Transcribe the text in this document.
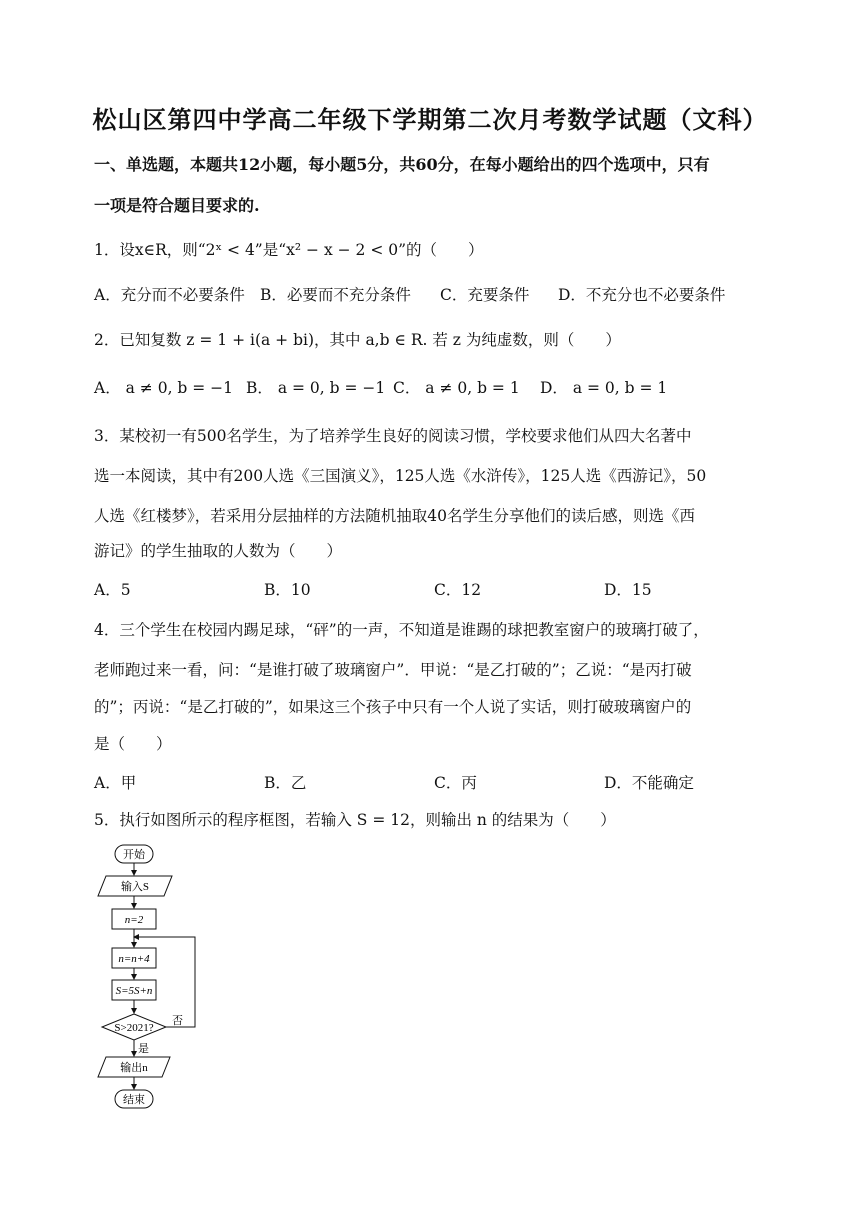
松山区第四中学高二年级下学期第二次月考数学试题（文科）
一、单选题，本题共12小题，每小题5分，共60分，在每小题给出的四个选项中，只有
一项是符合题目要求的.
1．设x∈R，则“2ˣ < 4”是“x² − x − 2 < 0”的（　　）
A．充分而不必要条件 B．必要而不充分条件 C．充要条件 D．不充分也不必要条件
2．已知复数 z = 1 + i(a + bi)，其中 a,b ∈ R. 若 z 为纯虚数，则（　　）
A． a ≠ 0, b = −1 B． a = 0, b = −1 C． a ≠ 0, b = 1 D． a = 0, b = 1
3．某校初一有500名学生，为了培养学生良好的阅读习惯，学校要求他们从四大名著中
选一本阅读，其中有200人选《三国演义》，125人选《水浒传》，125人选《西游记》，50
人选《红楼梦》，若采用分层抽样的方法随机抽取40名学生分享他们的读后感，则选《西
游记》的学生抽取的人数为（　　）
A．5	B．10	C．12	D．15
4．三个学生在校园内踢足球，“砰”的一声，不知道是谁踢的球把教室窗户的玻璃打破了，
老师跑过来一看，问：“是谁打破了玻璃窗户”．甲说：“是乙打破的”；乙说：“是丙打破
的”；丙说：“是乙打破的”，如果这三个孩子中只有一个人说了实话，则打破玻璃窗户的
是（　　）
A．甲	B．乙	C．丙	D．不能确定
5．执行如图所示的程序框图，若输入 S = 12，则输出 n 的结果为（　　）
开始
输入S
n=2
n=n+4
S=5S+n
S>2021?
否
是
输出n
结束
